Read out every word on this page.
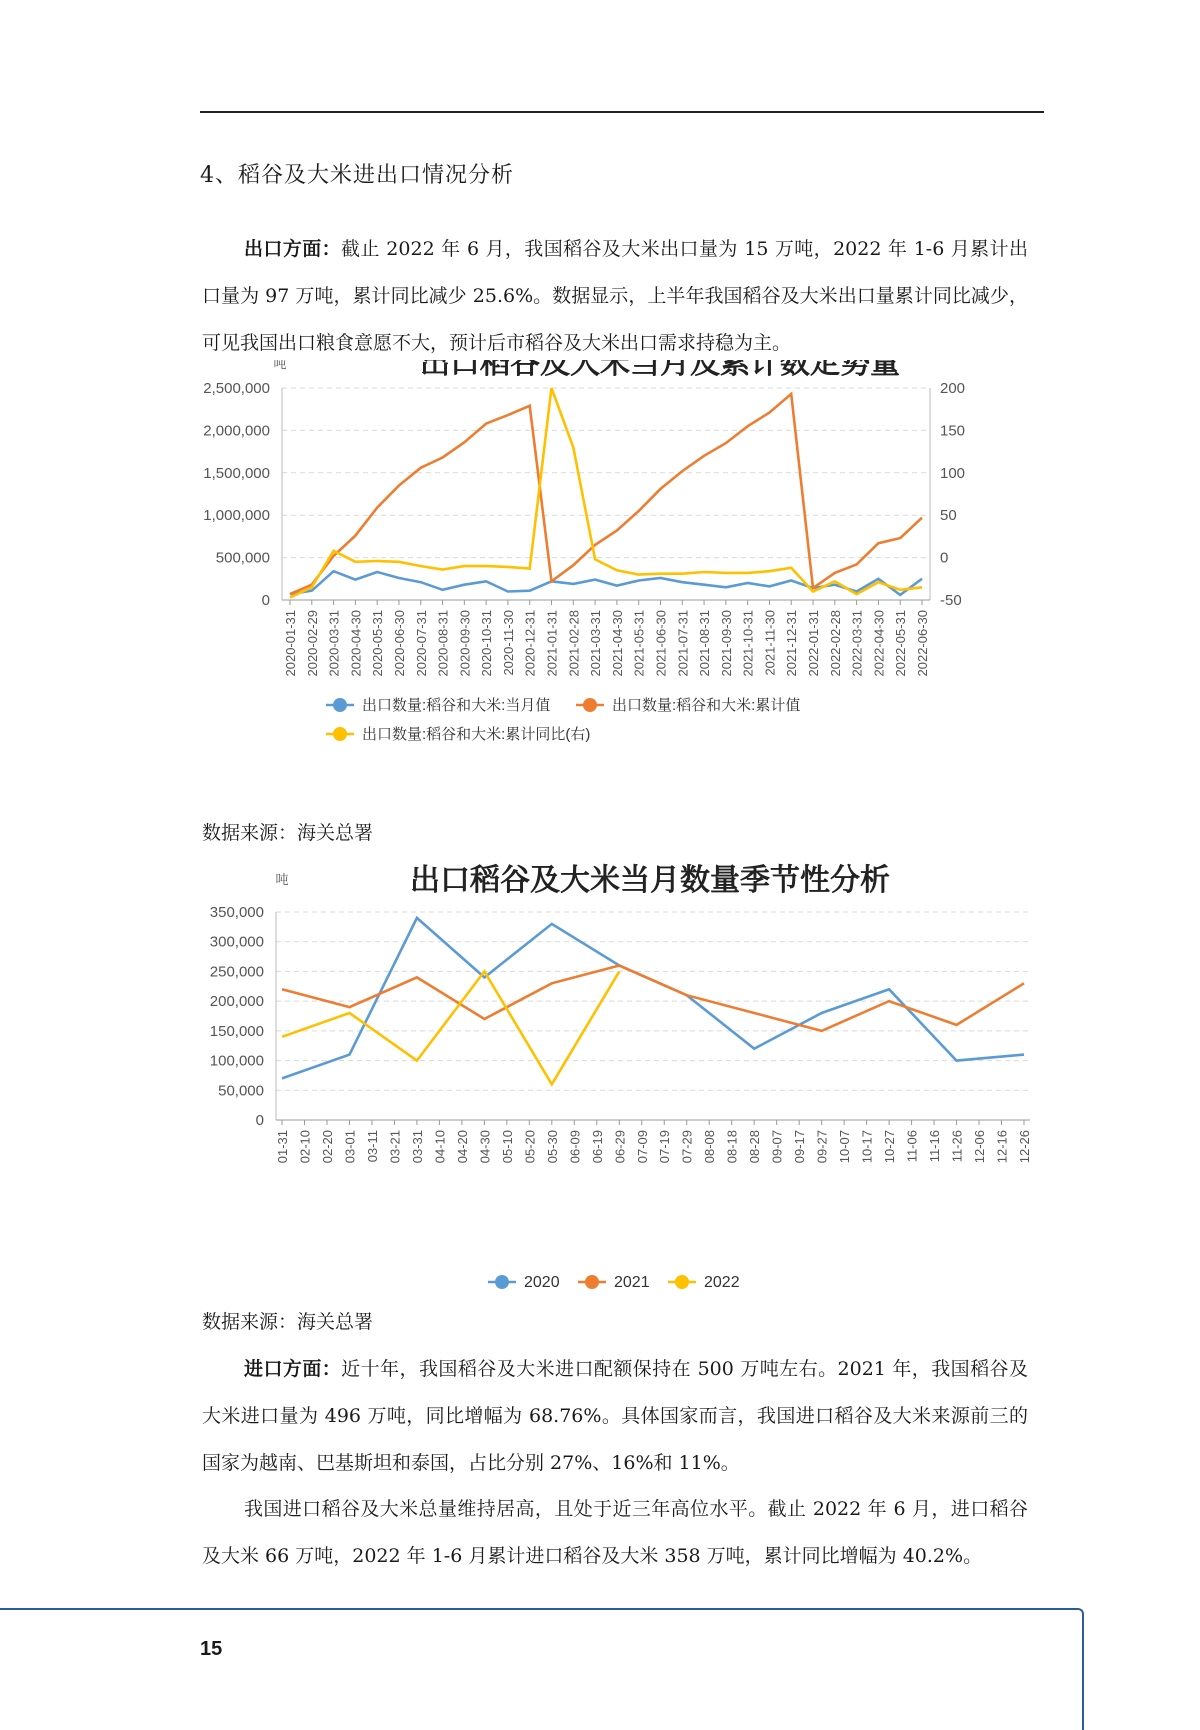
4、稻谷及大米进出口情况分析

出口方面：截止 2022 年 6 月，我国稻谷及大米出口量为 15 万吨，2022 年 1-6 月累计出口量为 97 万吨，累计同比减少 25.6%。数据显示，上半年我国稻谷及大米出口量累计同比减少，可见我国出口粮食意愿不大，预计后市稻谷及大米出口需求持稳为主。

出口稻谷及大米当月及累计数走势量
吨
0
500,000
1,000,000
1,500,000
2,000,000
2,500,000
-50
0
50
100
150
200
2020-01-31 2020-02-29 2020-03-31 2020-04-30 2020-05-31 2020-06-30 2020-07-31 2020-08-31 2020-09-30 2020-10-31 2020-11-30 2020-12-31 2021-01-31 2021-02-28 2021-03-31 2021-04-30 2021-05-31 2021-06-30 2021-07-31 2021-08-31 2021-09-30 2021-10-31 2021-11-30 2021-12-31 2022-01-31 2022-02-28 2022-03-31 2022-04-30 2022-05-31 2022-06-30
出口数量:稻谷和大米:当月值	出口数量:稻谷和大米:累计值
出口数量:稻谷和大米:累计同比(右)

数据来源：海关总署

出口稻谷及大米当月数量季节性分析
吨
0
50,000
100,000
150,000
200,000
250,000
300,000
350,000
01-31 02-10 02-20 03-01 03-11 03-21 03-31 04-10 04-20 04-30 05-10 05-20 05-30 06-09 06-19 06-29 07-09 07-19 07-29 08-08 08-18 08-28 09-07 09-17 09-27 10-07 10-17 10-27 11-06 11-16 11-26 12-06 12-16 12-26
2020	2021	2022

数据来源：海关总署

进口方面：近十年，我国稻谷及大米进口配额保持在 500 万吨左右。2021 年，我国稻谷及大米进口量为 496 万吨，同比增幅为 68.76%。具体国家而言，我国进口稻谷及大米来源前三的国家为越南、巴基斯坦和泰国，占比分别 27%、16%和 11%。

我国进口稻谷及大米总量维持居高，且处于近三年高位水平。截止 2022 年 6 月，进口稻谷及大米 66 万吨，2022 年 1-6 月累计进口稻谷及大米 358 万吨，累计同比增幅为 40.2%。

15
